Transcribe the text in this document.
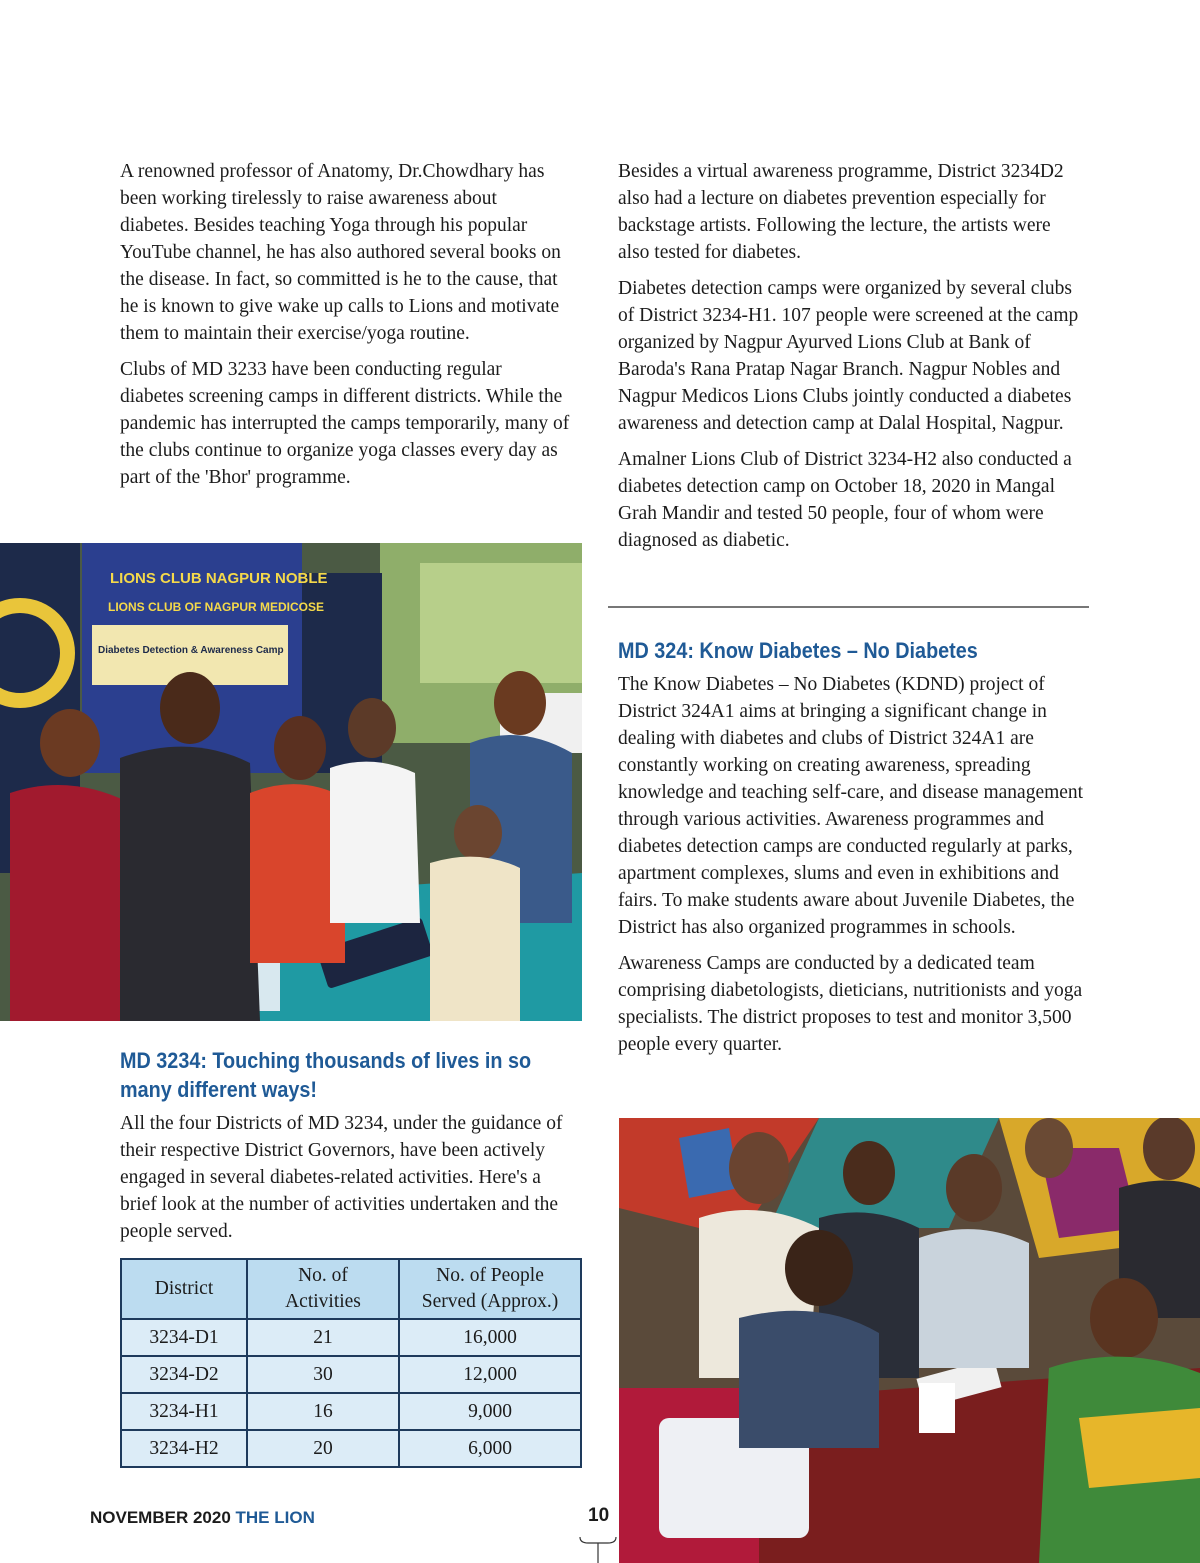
A renowned professor of Anatomy, Dr.Chowdhary has been working tirelessly to raise awareness about diabetes. Besides teaching Yoga through his popular YouTube channel, he has also authored several books on the disease. In fact, so committed is he to the cause, that he is known to give wake up calls to Lions and motivate them to maintain their exercise/yoga routine.

Clubs of MD 3233 have been conducting regular diabetes screening camps in different districts. While the pandemic has interrupted the camps temporarily, many of the clubs continue to organize yoga classes every day as part of the 'Bhor' programme.

Besides a virtual awareness programme, District 3234D2 also had a lecture on diabetes prevention especially for backstage artists. Following the lecture, the artists were also tested for diabetes.

Diabetes detection camps were organized by several clubs of District 3234-H1. 107 people were screened at the camp organized by Nagpur Ayurved Lions Club at Bank of Baroda's Rana Pratap Nagar Branch. Nagpur Nobles and Nagpur Medicos Lions Clubs jointly conducted a diabetes awareness and detection camp at Dalal Hospital, Nagpur.

Amalner Lions Club of District 3234-H2 also conducted a diabetes detection camp on October 18, 2020 in Mangal Grah Mandir and tested 50 people, four of whom were diagnosed as diabetic.

MD 324: Know Diabetes – No Diabetes

The Know Diabetes – No Diabetes (KDND) project of District 324A1 aims at bringing a significant change in dealing with diabetes and clubs of District 324A1 are constantly working on creating awareness, spreading knowledge and teaching self-care, and disease management through various activities. Awareness programmes and diabetes detection camps are conducted regularly at parks, apartment complexes, slums and even in exhibitions and fairs. To make students aware about Juvenile Diabetes, the District has also organized programmes in schools.

Awareness Camps are conducted by a dedicated team comprising diabetologists, dieticians, nutritionists and yoga specialists. The district proposes to test and monitor 3,500 people every quarter.

LIONS CLUB NAGPUR NOBLE
LIONS CLUB OF NAGPUR MEDICOSE
Diabetes Detection & Awareness Camp
MD 3234: Touching thousands of lives in so many different ways!

All the four Districts of MD 3234, under the guidance of their respective District Governors, have been actively engaged in several diabetes-related activities. Here's a brief look at the number of activities undertaken and the people served.

District	No. of Activities	No. of People Served (Approx.)
3234-D1	21	16,000
3234-D2	30	12,000
3234-H1	16	9,000
3234-H2	20	6,000
NOVEMBER 2020 THE LION	10
